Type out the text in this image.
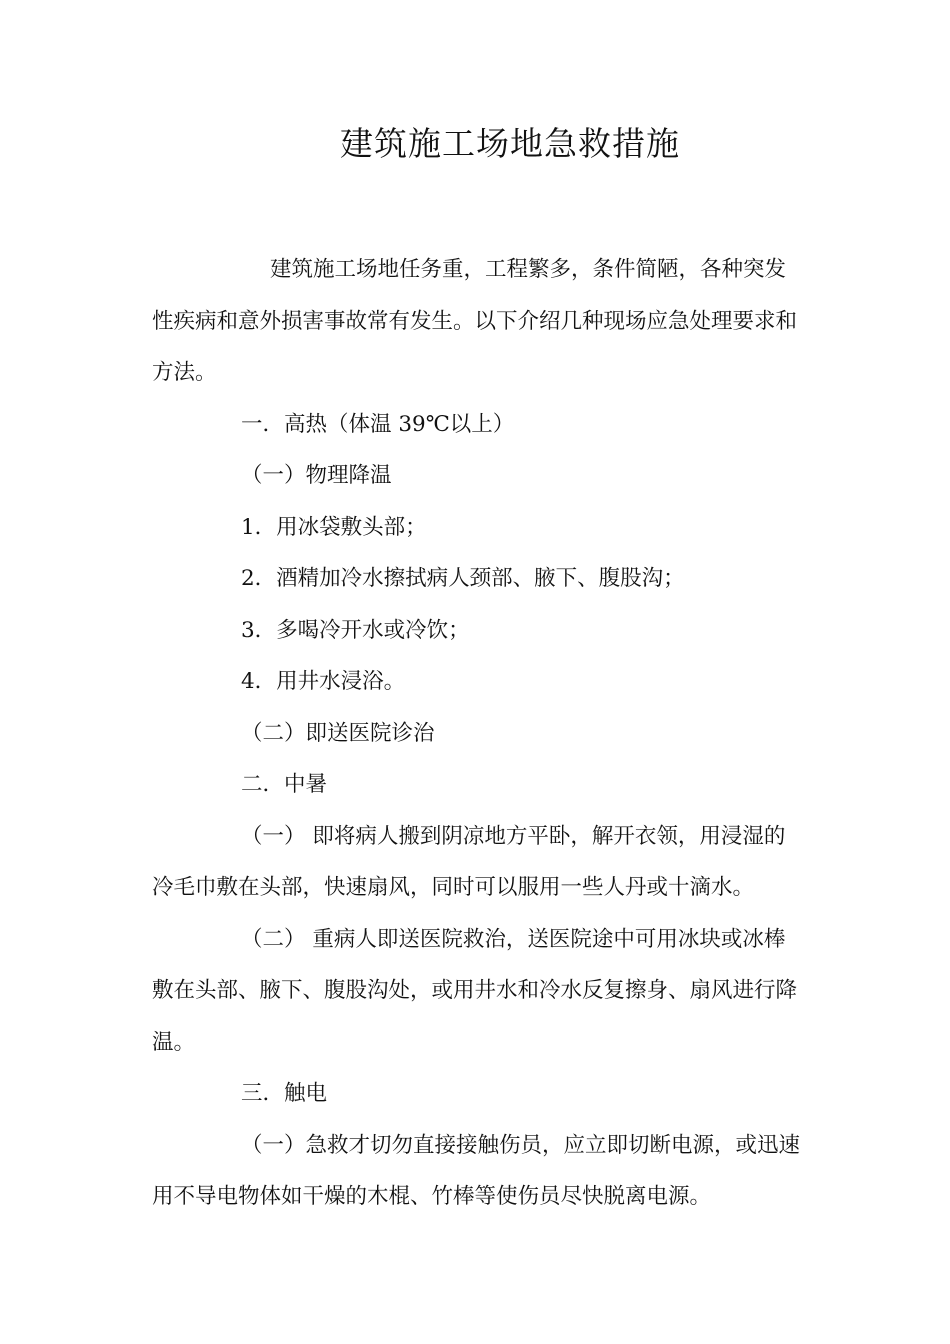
建筑施工场地急救措施

建筑施工场地任务重，工程繁多，条件简陋，各种突发性疾病和意外损害事故常有发生。以下介绍几种现场应急处理要求和方法。

一．高热（体温 39℃以上）

（一）物理降温

1．用冰袋敷头部；

2．酒精加冷水擦拭病人颈部、腋下、腹股沟；

3．多喝冷开水或冷饮；

4．用井水浸浴。

（二）即送医院诊治

二．中暑

（一） 即将病人搬到阴凉地方平卧，解开衣领，用浸湿的冷毛巾敷在头部，快速扇风，同时可以服用一些人丹或十滴水。

（二） 重病人即送医院救治，送医院途中可用冰块或冰棒敷在头部、腋下、腹股沟处，或用井水和冷水反复擦身、扇风进行降温。

三．触电

（一）急救才切勿直接接触伤员，应立即切断电源，或迅速用不导电物体如干燥的木棍、竹棒等使伤员尽快脱离电源。
